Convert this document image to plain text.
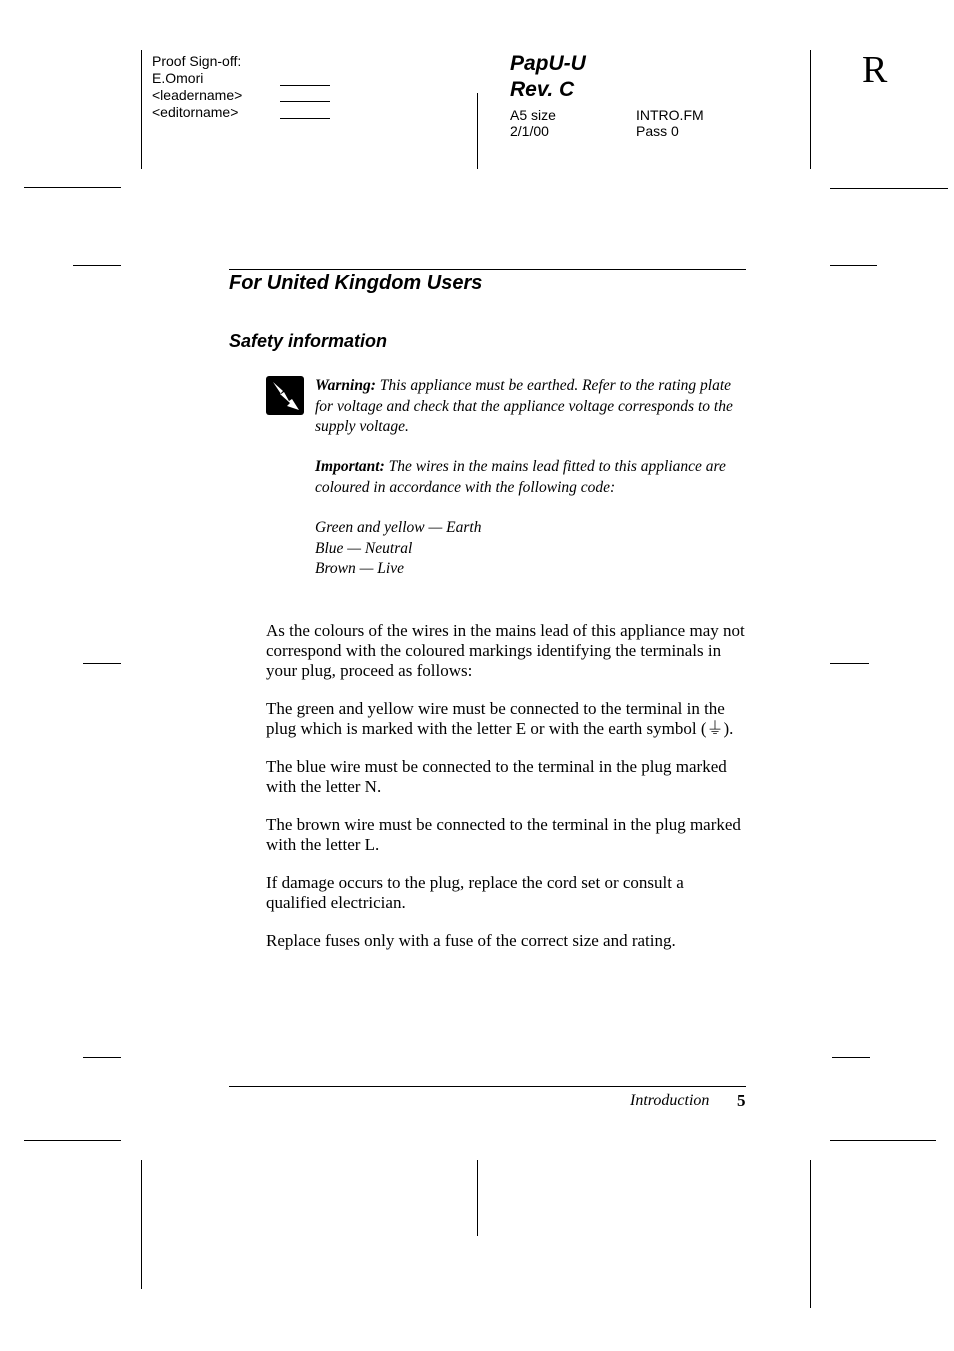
Proof Sign-off:
E.Omori
<leadername>
<editorname>
PapU-U
Rev. C
A5 size
2/1/00
INTRO.FM
Pass 0
R
For United Kingdom Users
Safety information
Warning: This appliance must be earthed. Refer to the rating plate for voltage and check that the appliance voltage corresponds to the supply voltage.
Important: The wires in the mains lead fitted to this appliance are coloured in accordance with the following code:
Green and yellow — Earth
Blue — Neutral
Brown — Live

As the colours of the wires in the mains lead of this appliance may not correspond with the coloured markings identifying the terminals in your plug, proceed as follows:

The green and yellow wire must be connected to the terminal in the plug which is marked with the letter E or with the earth symbol (⏚).

The blue wire must be connected to the terminal in the plug marked with the letter N.

The brown wire must be connected to the terminal in the plug marked with the letter L.

If damage occurs to the plug, replace the cord set or consult a qualified electrician.

Replace fuses only with a fuse of the correct size and rating.

Introduction 5
